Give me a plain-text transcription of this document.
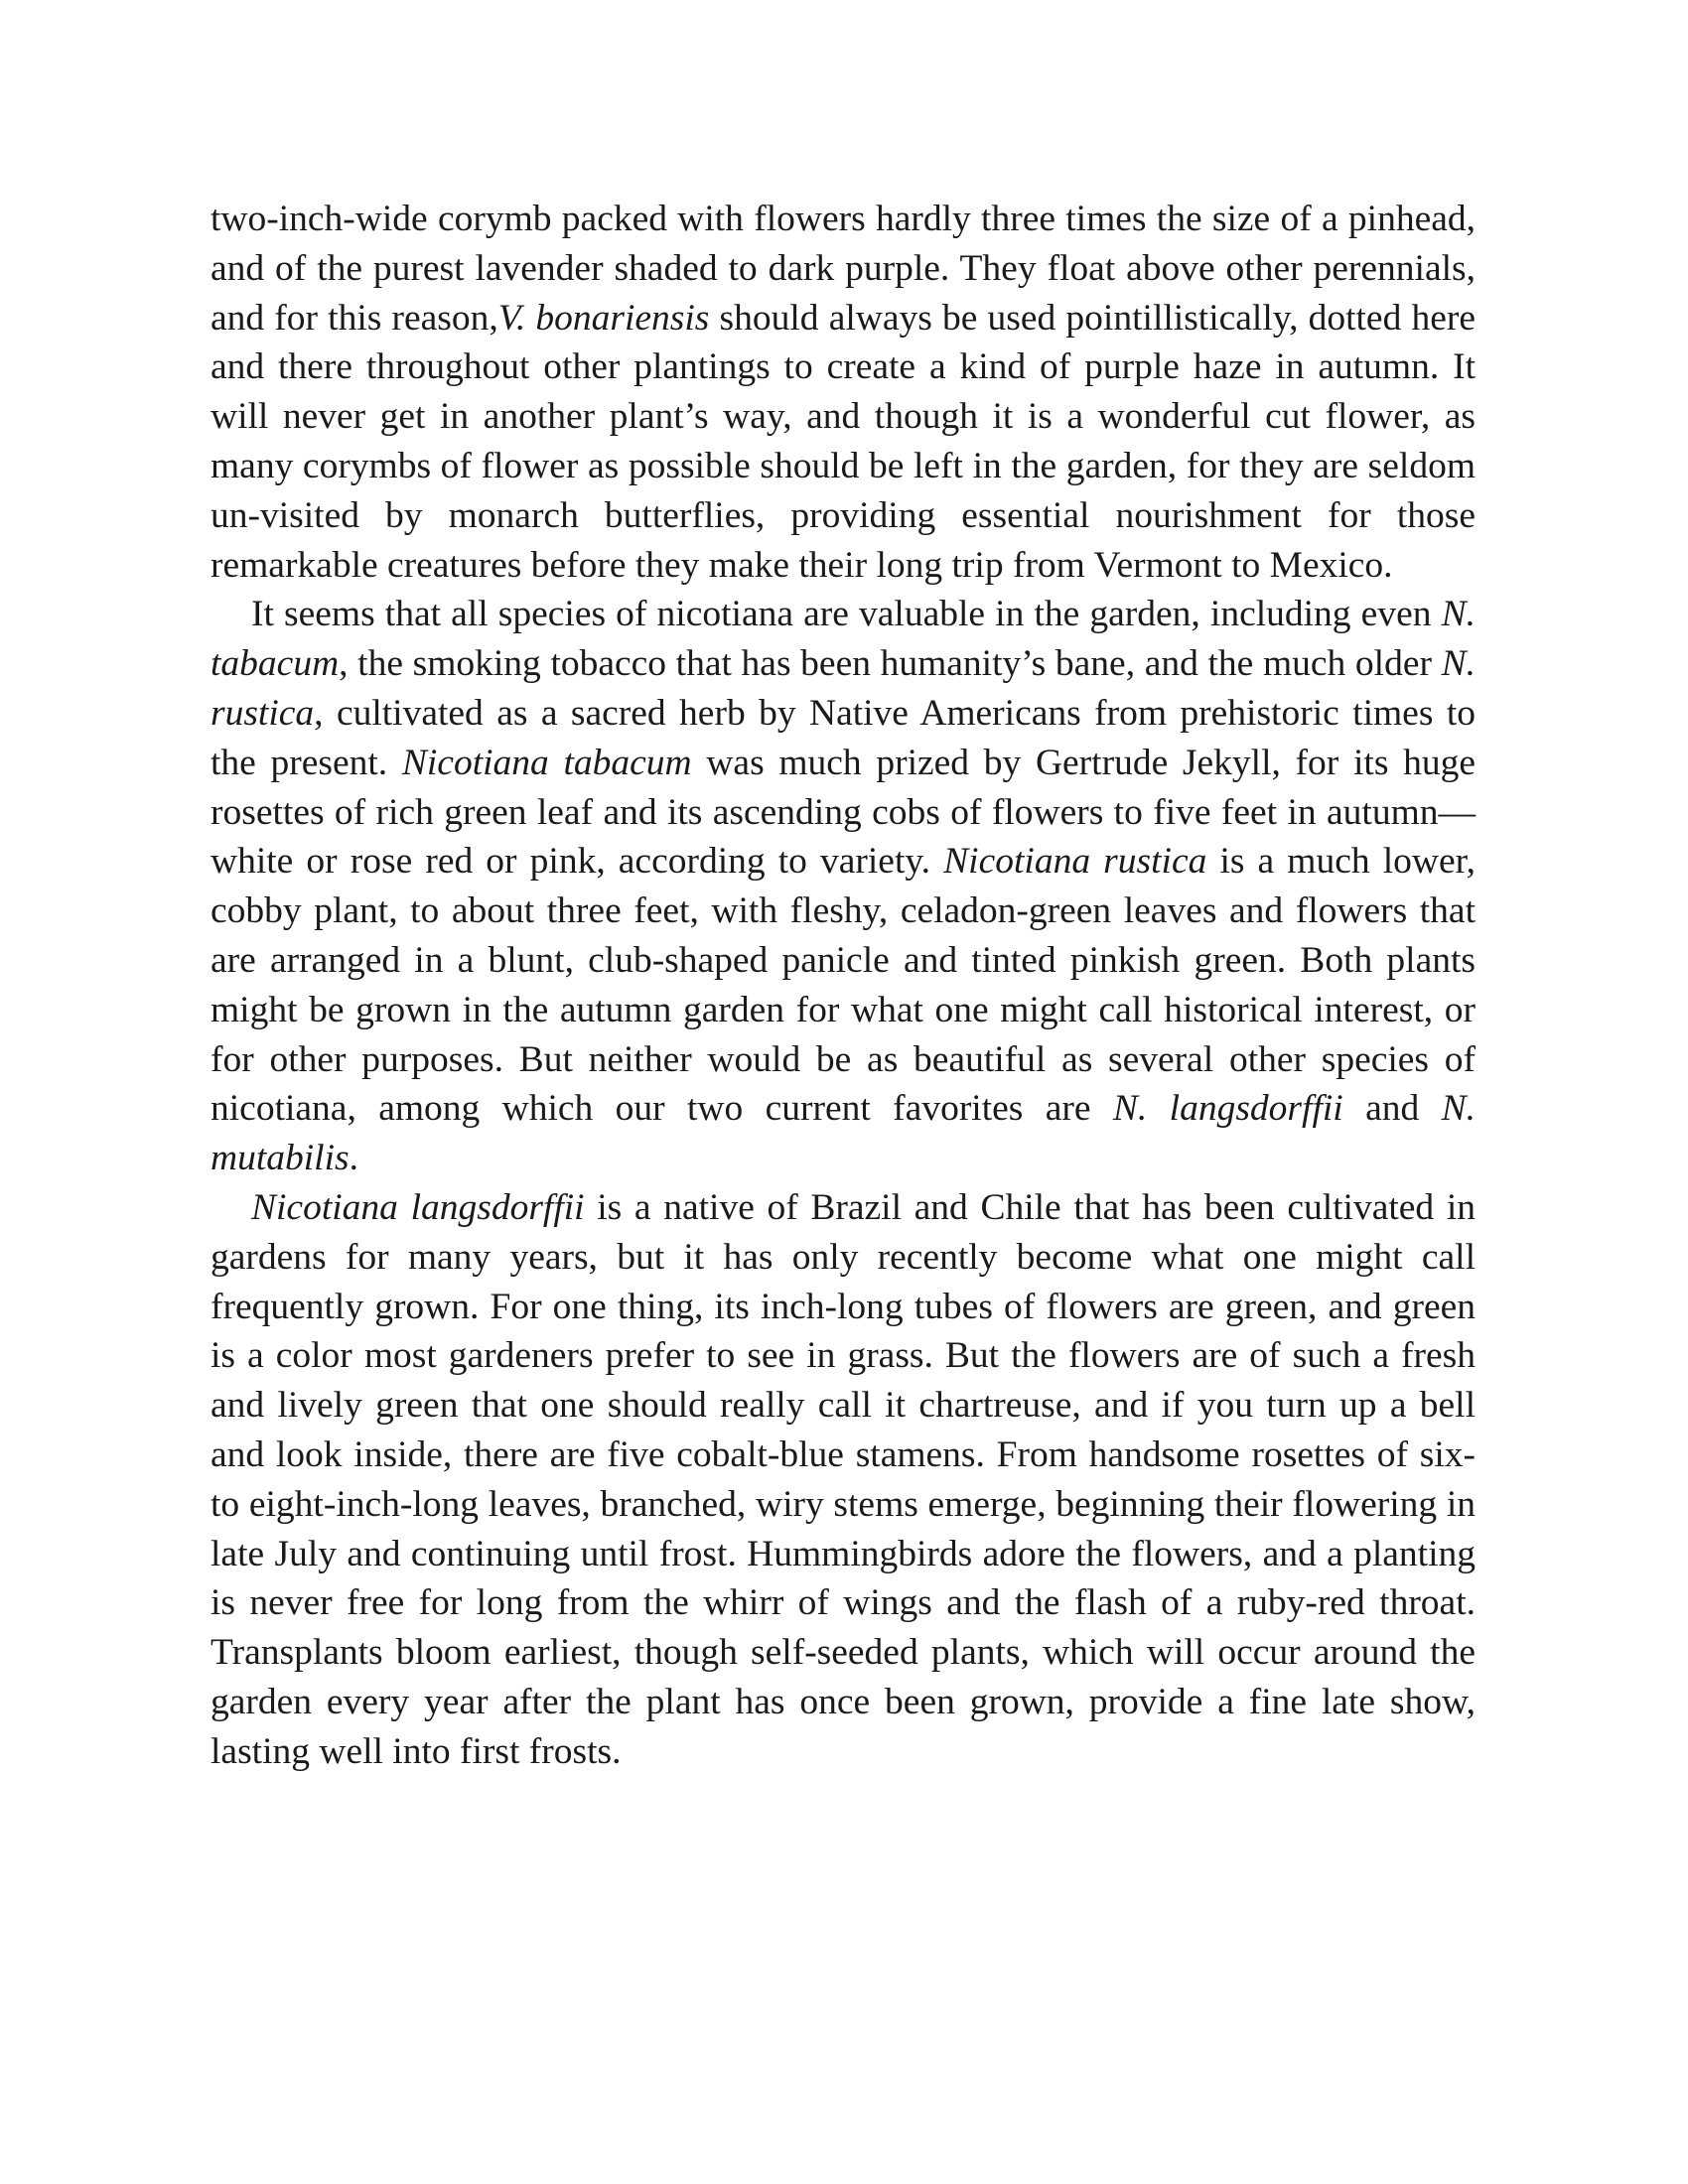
two-inch-wide corymb packed with flowers hardly three times the size of a pinhead, and of the purest lavender shaded to dark purple. They float above other perennials, and for this reason,V. bonariensis should always be used pointillistically, dotted here and there throughout other plantings to create a kind of purple haze in autumn. It will never get in another plant’s way, and though it is a wonderful cut flower, as many corymbs of flower as possible should be left in the garden, for they are seldom un-visited by monarch butterflies, providing essential nourishment for those remarkable creatures before they make their long trip from Vermont to Mexico.

It seems that all species of nicotiana are valuable in the garden, including even N. tabacum, the smoking tobacco that has been humanity’s bane, and the much older N. rustica, cultivated as a sacred herb by Native Americans from prehistoric times to the present. Nicotiana tabacum was much prized by Gertrude Jekyll, for its huge rosettes of rich green leaf and its ascending cobs of flowers to five feet in autumn—white or rose red or pink, according to variety. Nicotiana rustica is a much lower, cobby plant, to about three feet, with fleshy, celadon-green leaves and flowers that are arranged in a blunt, club-shaped panicle and tinted pinkish green. Both plants might be grown in the autumn garden for what one might call historical interest, or for other purposes. But neither would be as beautiful as several other species of nicotiana, among which our two current favorites are N. langsdorffii and N. mutabilis.

Nicotiana langsdorffii is a native of Brazil and Chile that has been cultivated in gardens for many years, but it has only recently become what one might call frequently grown. For one thing, its inch-long tubes of flowers are green, and green is a color most gardeners prefer to see in grass. But the flowers are of such a fresh and lively green that one should really call it chartreuse, and if you turn up a bell and look inside, there are five cobalt-blue stamens. From handsome rosettes of six- to eight-inch-long leaves, branched, wiry stems emerge, beginning their flowering in late July and continuing until frost. Hummingbirds adore the flowers, and a planting is never free for long from the whirr of wings and the flash of a ruby-red throat. Transplants bloom earliest, though self-seeded plants, which will occur around the garden every year after the plant has once been grown, provide a fine late show, lasting well into first frosts.
